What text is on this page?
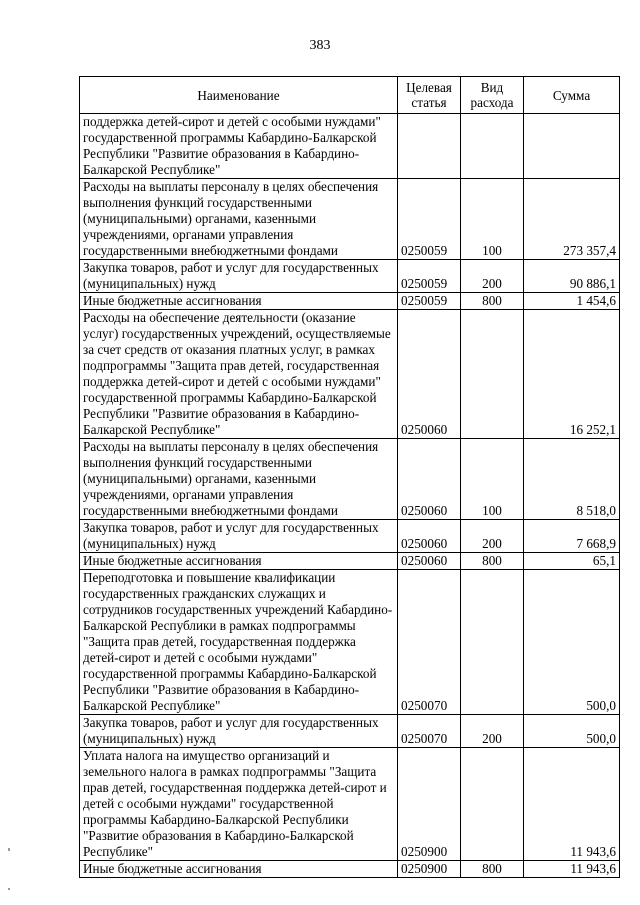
383
Наименование	Целевая статья	Вид расхода	Сумма
поддержка детей-сирот и детей с особыми нуждами" государственной программы Кабардино-Балкарской Республики "Развитие образования в Кабардино-Балкарской Республике"			
Расходы на выплаты персоналу в целях обеспечения выполнения функций государственными (муниципальными) органами, казенными учреждениями, органами управления государственными внебюджетными фондами	0250059	100	273 357,4
Закупка товаров, работ и услуг для государственных (муниципальных) нужд	0250059	200	90 886,1
Иные бюджетные ассигнования	0250059	800	1 454,6
Расходы на обеспечение деятельности (оказание услуг) государственных учреждений, осуществляемые за счет средств от оказания платных услуг, в рамках подпрограммы "Защита прав детей, государственная поддержка детей-сирот и детей с особыми нуждами" государственной программы Кабардино-Балкарской Республики "Развитие образования в Кабардино-Балкарской Республике"	0250060		16 252,1
Расходы на выплаты персоналу в целях обеспечения выполнения функций государственными (муниципальными) органами, казенными учреждениями, органами управления государственными внебюджетными фондами	0250060	100	8 518,0
Закупка товаров, работ и услуг для государственных (муниципальных) нужд	0250060	200	7 668,9
Иные бюджетные ассигнования	0250060	800	65,1
Переподготовка и повышение квалификации государственных гражданских служащих и сотрудников государственных учреждений Кабардино-Балкарской Республики в рамках подпрограммы "Защита прав детей, государственная поддержка детей-сирот и детей с особыми нуждами" государственной программы Кабардино-Балкарской Республики "Развитие образования в Кабардино-Балкарской Республике"	0250070		500,0
Закупка товаров, работ и услуг для государственных (муниципальных) нужд	0250070	200	500,0
Уплата налога на имущество организаций и земельного налога в рамках подпрограммы "Защита прав детей, государственная поддержка детей-сирот и детей с особыми нуждами" государственной программы Кабардино-Балкарской Республики "Развитие образования в Кабардино-Балкарской Республике"	0250900		11 943,6
Иные бюджетные ассигнования	0250900	800	11 943,6
